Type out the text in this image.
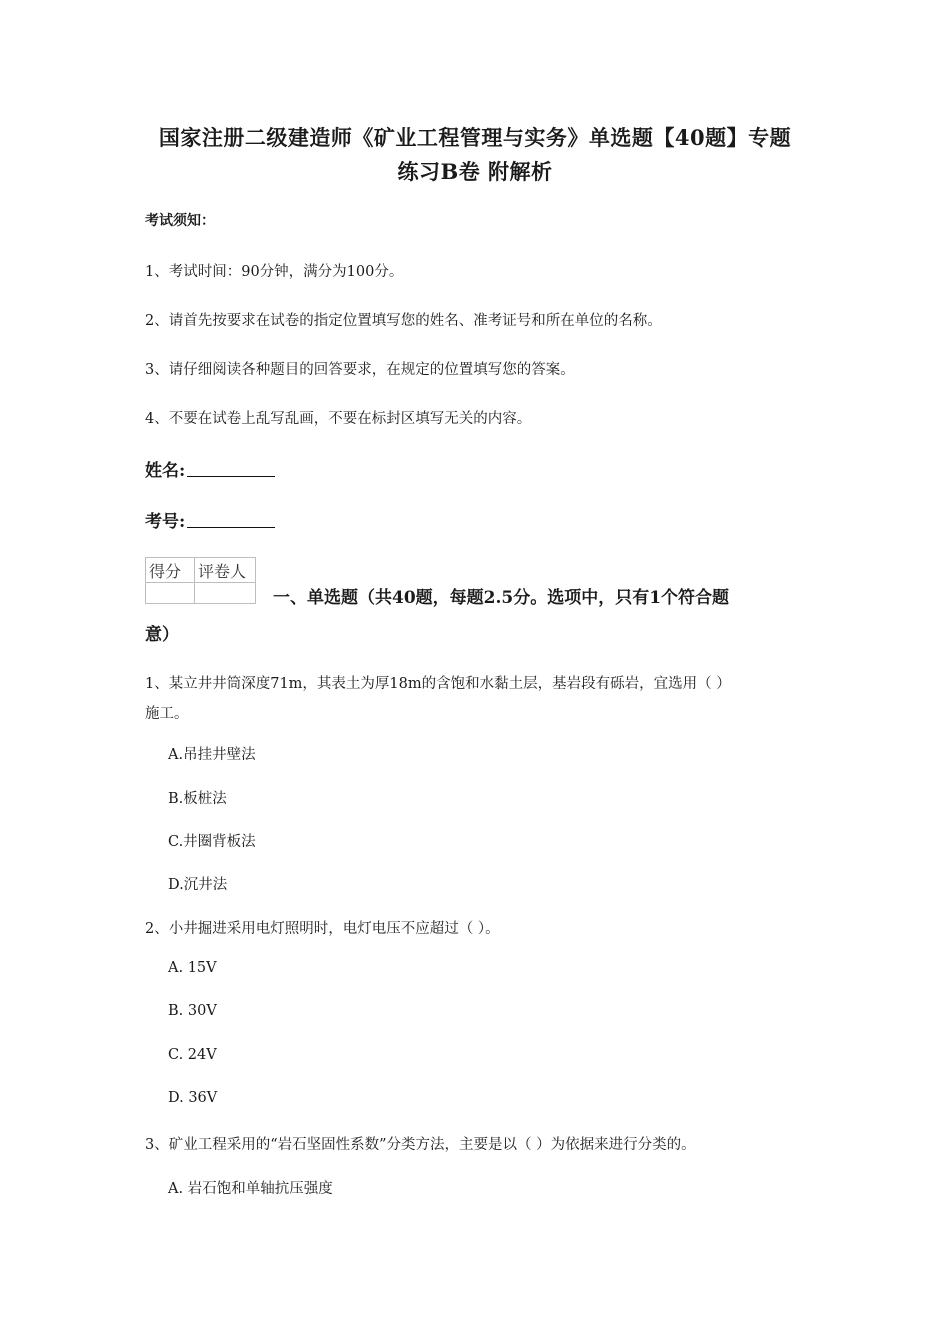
国家注册二级建造师《矿业工程管理与实务》单选题【40题】专题
练习B卷 附解析
考试须知：
1、考试时间：90分钟，满分为100分。
2、请首先按要求在试卷的指定位置填写您的姓名、准考证号和所在单位的名称。
3、请仔细阅读各种题目的回答要求，在规定的位置填写您的答案。
4、不要在试卷上乱写乱画，不要在标封区填写无关的内容。
姓名:
考号:
得分	评卷人

一、单选题（共40题，每题2.5分。选项中，只有1个符合题
意）
1、某立井井筒深度71m，其表土为厚18m的含饱和水黏土层，基岩段有砾岩，宜选用（ ）
施工。
A.吊挂井壁法
B.板桩法
C.井圈背板法
D.沉井法
2、小井掘进采用电灯照明时，电灯电压不应超过（ ）。
A. 15V
B. 30V
C. 24V
D. 36V
3、矿业工程采用的“岩石坚固性系数”分类方法，主要是以（ ）为依据来进行分类的。
A. 岩石饱和单轴抗压强度
